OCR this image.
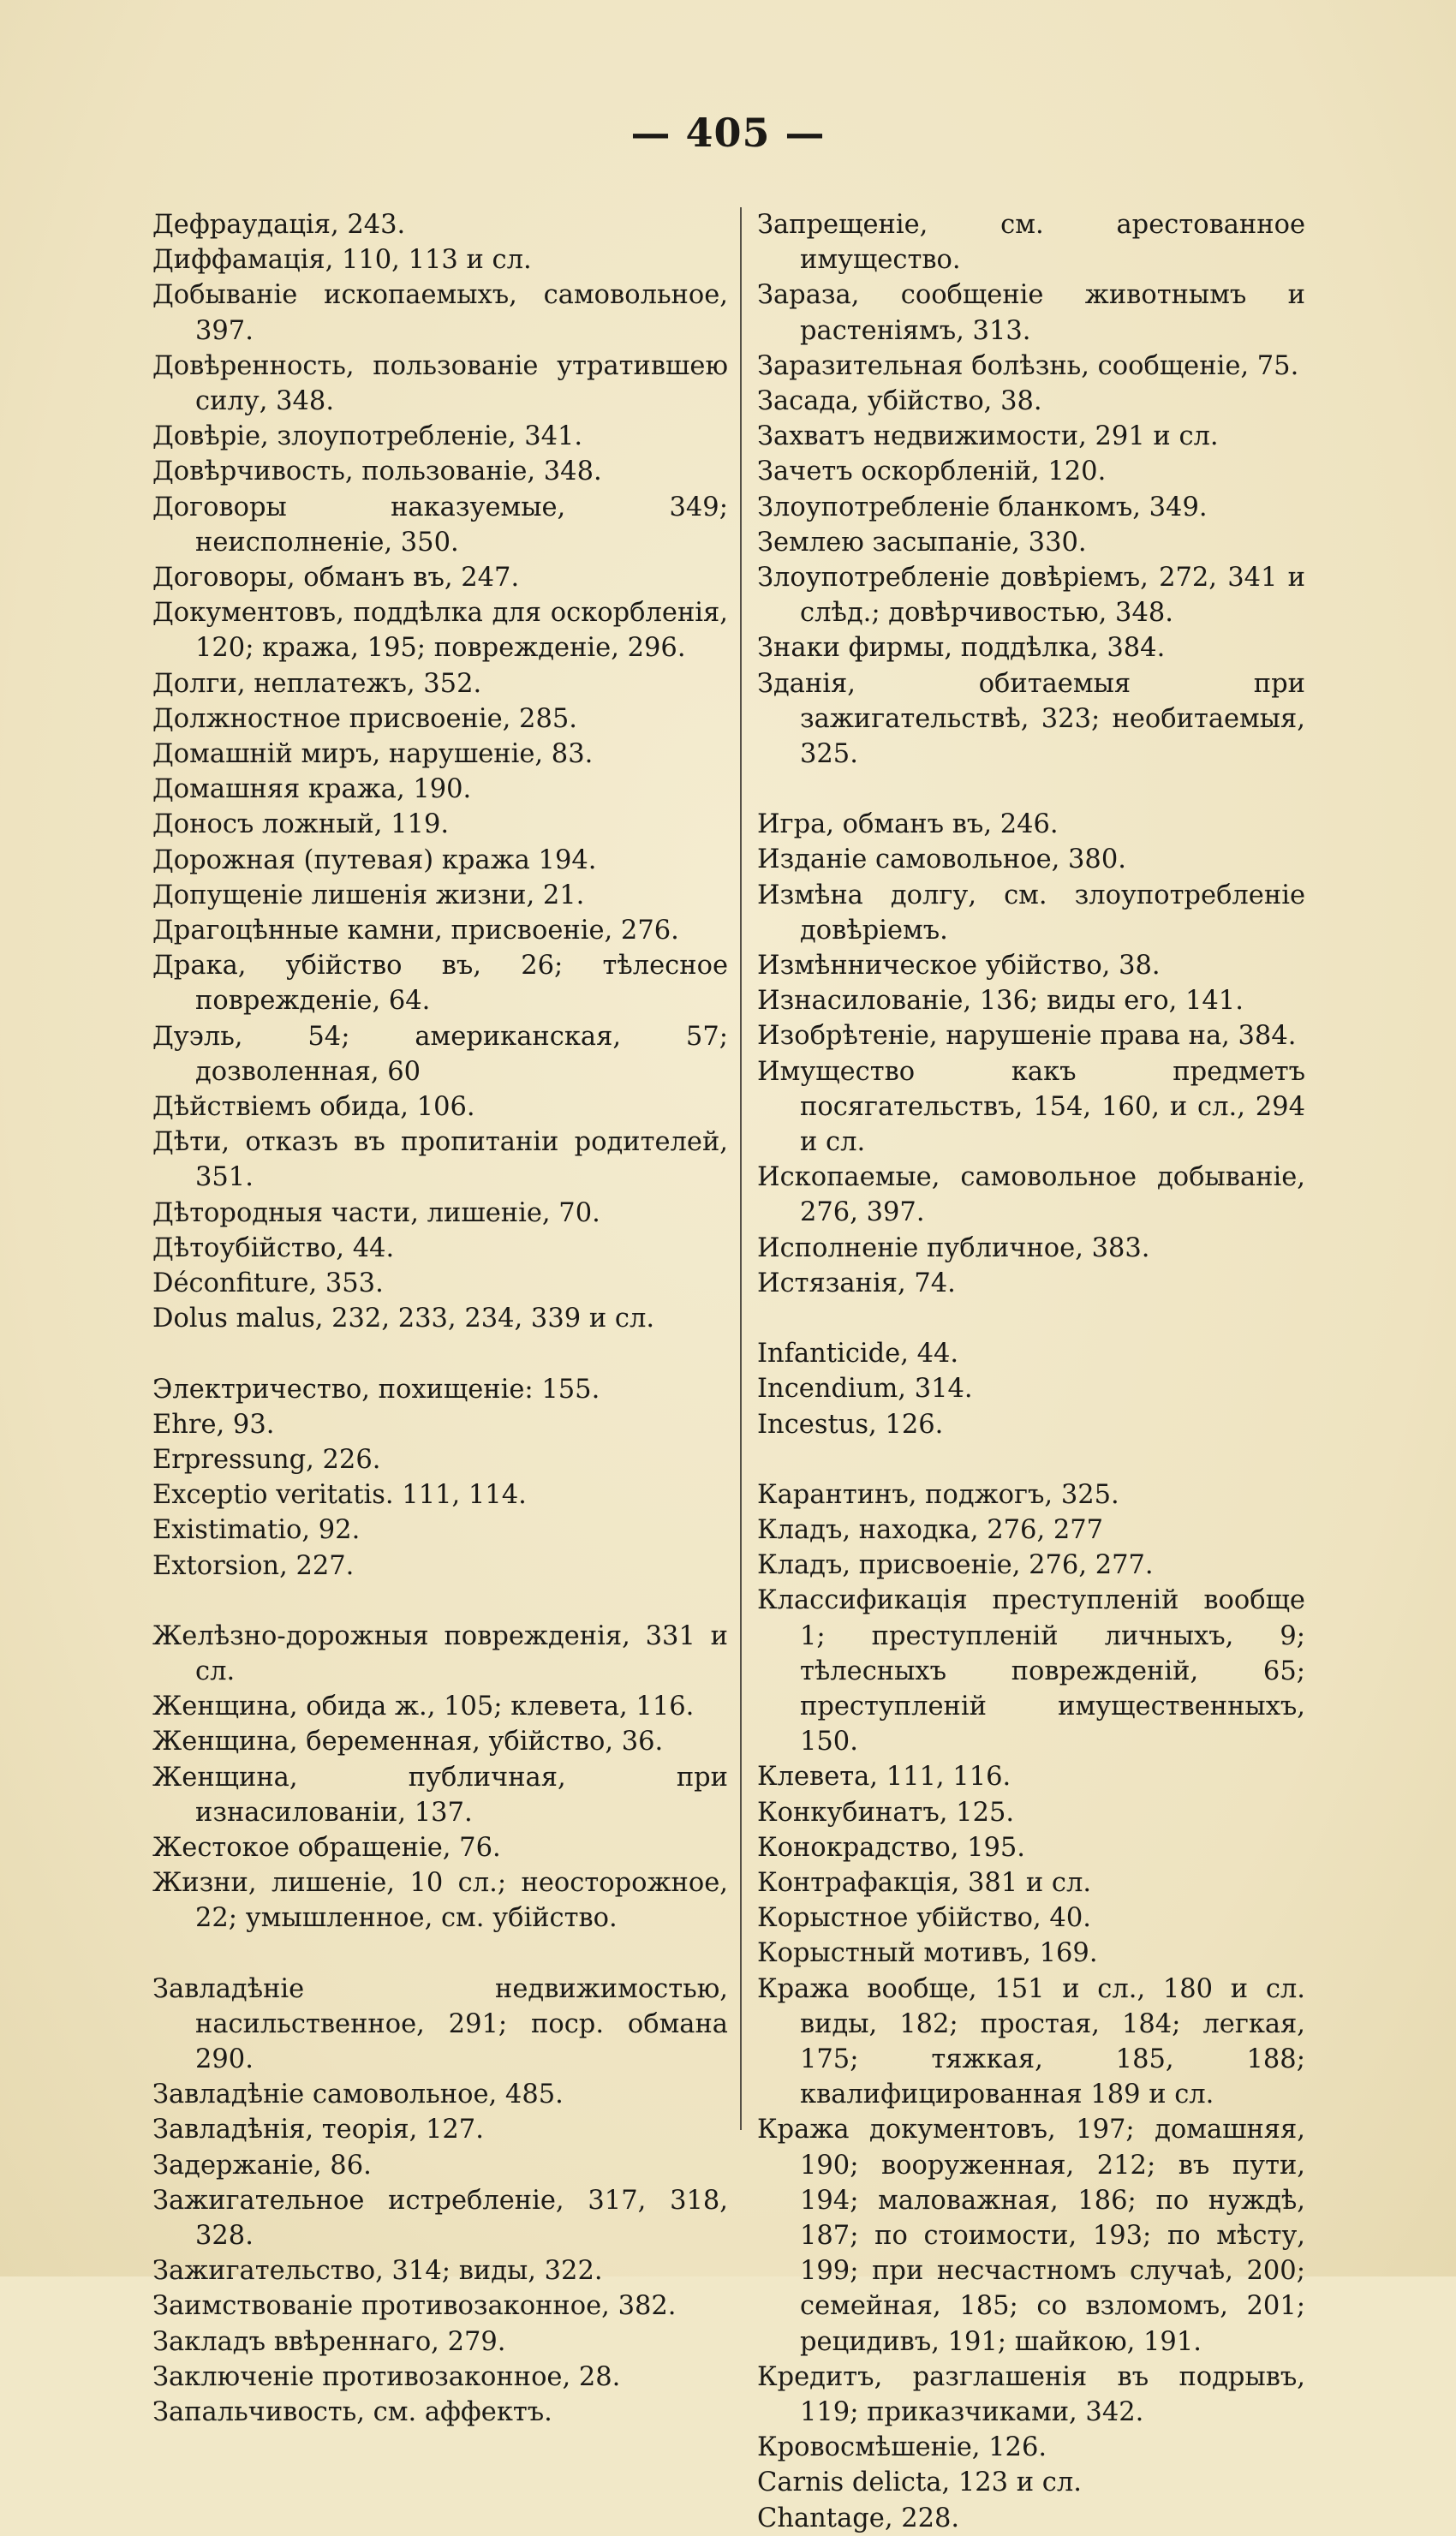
— 405 —

Дефраудація, 243.

Диффамація, 110, 113 и сл.

Добываніе ископаемыхъ, самовольное, 397.

Довѣренность, пользованіе утратившею силу, 348.

Довѣріе, злоупотребленіе, 341.

Довѣрчивость, пользованіе, 348.

Договоры наказуемые, 349; неисполненіе, 350.

Договоры, обманъ въ, 247.

Документовъ, поддѣлка для оскорбленія, 120; кража, 195; поврежденіе, 296.

Долги, неплатежъ, 352.

Должностное присвоеніе, 285.

Домашній миръ, нарушеніе, 83.

Домашняя кража, 190.

Доносъ ложный, 119.

Дорожная (путевая) кража 194.

Допущеніе лишенія жизни, 21.

Драгоцѣнные камни, присвоеніе, 276.

Драка, убійство въ, 26; тѣлесное поврежденіе, 64.

Дуэль, 54; американская, 57; дозволенная, 60

Дѣйствіемъ обида, 106.

Дѣти, отказъ въ пропитаніи родителей, 351.

Дѣтородныя части, лишеніе, 70.

Дѣтоубійство, 44.

Déconfiture, 353.

Dolus malus, 232, 233, 234, 339 и сл.

Электричество, похищеніе: 155.

Ehre, 93.

Erpressung, 226.

Exceptio veritatis. 111, 114.

Existimatio, 92.

Extorsion, 227.

Желѣзно-дорожныя поврежденія, 331 и сл.

Женщина, обида ж., 105; клевета, 116.

Женщина, беременная, убійство, 36.

Женщина, публичная, при изнасилованіи, 137.

Жестокое обращеніе, 76.

Жизни, лишеніе, 10 сл.; неосторожное, 22; умышленное, см. убійство.

Завладѣніе недвижимостью, насильственное, 291; поср. обмана 290.

Завладѣніе самовольное, 485.

Завладѣнія, теорія, 127.

Задержаніе, 86.

Зажигательное истребленіе, 317, 318, 328.

Зажигательство, 314; виды, 322.

Заимствованіе противозаконное, 382.

Закладъ ввѣреннаго, 279.

Заключеніе противозаконное, 28.

Запальчивость, см. аффектъ.

Запрещеніе, см. арестованное имущество.

Зараза, сообщеніе животнымъ и растеніямъ, 313.

Заразительная болѣзнь, сообщеніе, 75.

Засада, убійство, 38.

Захватъ недвижимости, 291 и сл.

Зачетъ оскорбленій, 120.

Злоупотребленіе бланкомъ, 349.

Землею засыпаніе, 330.

Злоупотребленіе довѣріемъ, 272, 341 и слѣд.; довѣрчивостью, 348.

Знаки фирмы, поддѣлка, 384.

Зданія, обитаемыя при зажигательствѣ, 323; необитаемыя, 325.

Игра, обманъ въ, 246.

Изданіе самовольное, 380.

Измѣна долгу, см. злоупотребленіе довѣріемъ.

Измѣнническое убійство, 38.

Изнасилованіе, 136; виды его, 141.

Изобрѣтеніе, нарушеніе права на, 384.

Имущество какъ предметъ посягательствъ, 154, 160, и сл., 294 и сл.

Ископаемые, самовольное добываніе, 276, 397.

Исполненіе публичное, 383.

Истязанія, 74.

Infanticide, 44.

Incendium, 314.

Incestus, 126.

Карантинъ, поджогъ, 325.

Кладъ, находка, 276, 277

Кладъ, присвоеніе, 276, 277.

Классификація преступленій вообще 1; преступленій личныхъ, 9; тѣлесныхъ поврежденій, 65; преступленій имущественныхъ, 150.

Клевета, 111, 116.

Конкубинатъ, 125.

Конокрадство, 195.

Контрафакція, 381 и сл.

Корыстное убійство, 40.

Корыстный мотивъ, 169.

Кража вообще, 151 и сл., 180 и сл. виды, 182; простая, 184; легкая, 175; тяжкая, 185, 188; квалифицированная 189 и сл.

Кража документовъ, 197; домашняя, 190; вооруженная, 212; въ пути, 194; маловажная, 186; по нуждѣ, 187; по стоимости, 193; по мѣсту, 199; при несчастномъ случаѣ, 200; семейная, 185; со взломомъ, 201; рецидивъ, 191; шайкою, 191.

Кредитъ, разглашенія въ подрывъ, 119; приказчиками, 342.

Кровосмѣшеніе, 126.

Carnis delicta, 123 и сл.

Chantage, 228.
